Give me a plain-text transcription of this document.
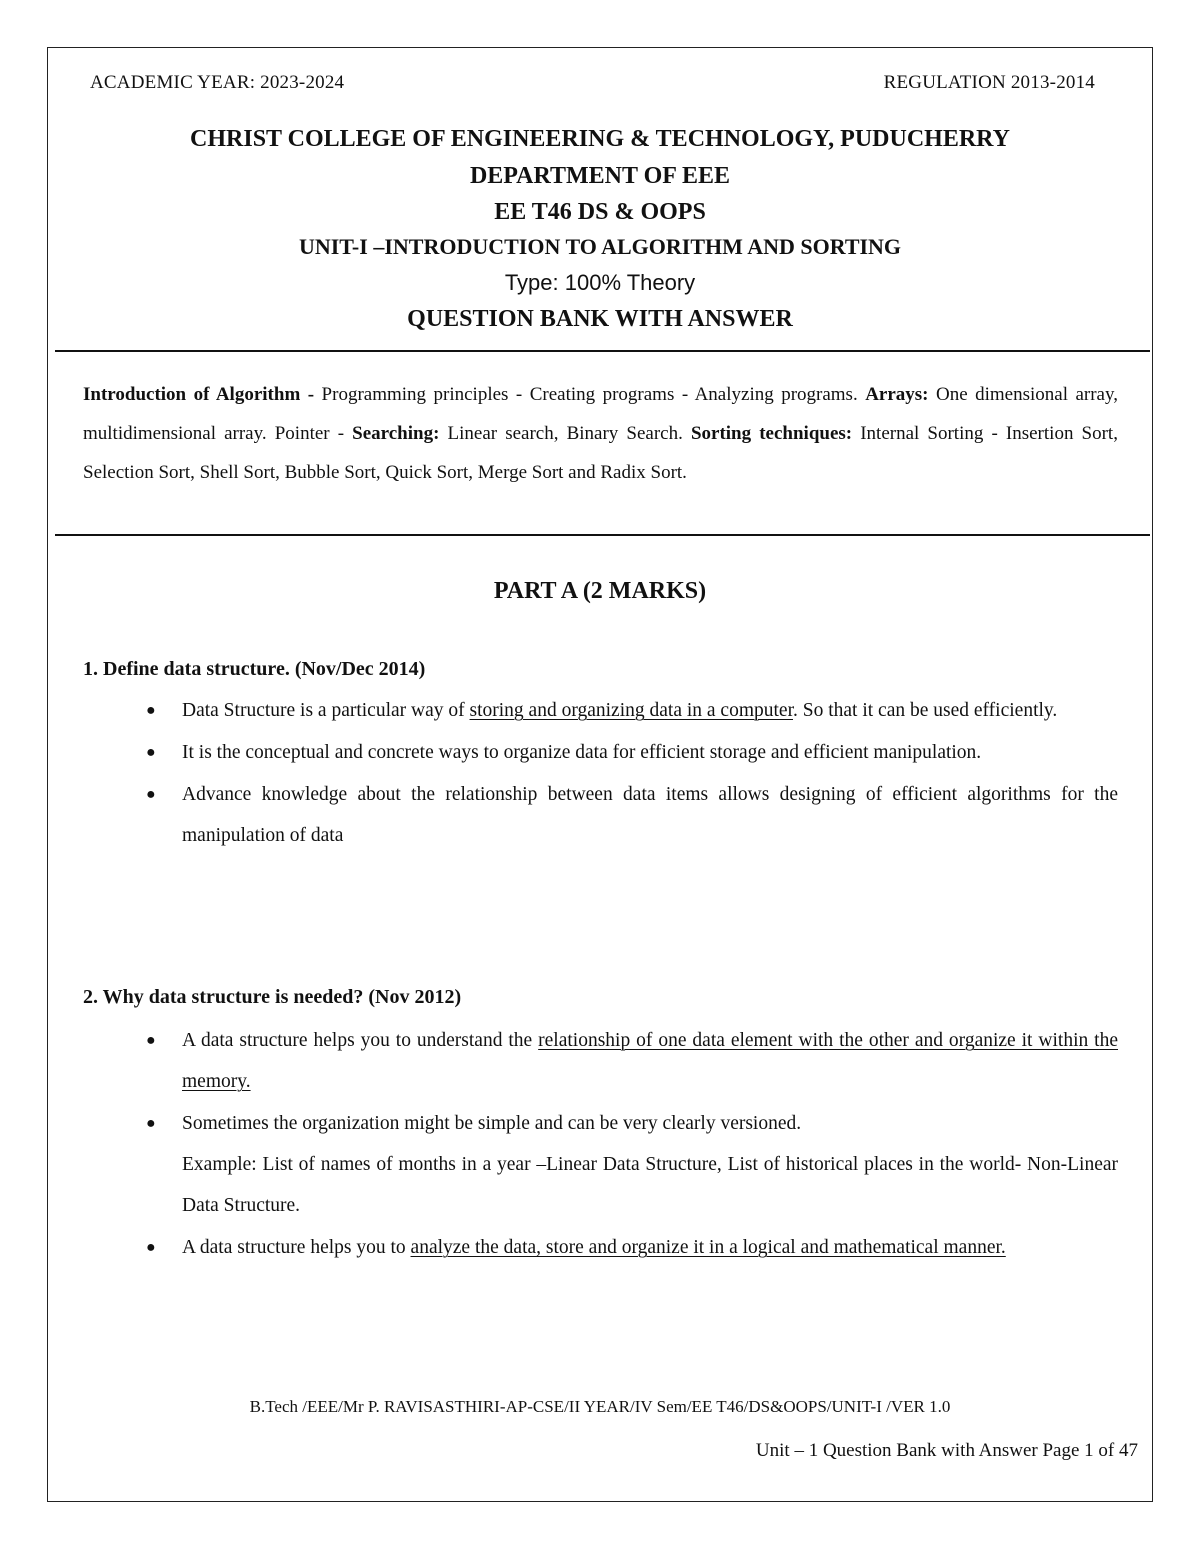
ACADEMIC YEAR: 2023-2024	REGULATION 2013-2014
CHRIST COLLEGE OF ENGINEERING & TECHNOLOGY, PUDUCHERRY
DEPARTMENT OF EEE
EE T46 DS & OOPS
UNIT-I –INTRODUCTION TO ALGORITHM AND SORTING
Type: 100% Theory
QUESTION BANK WITH ANSWER
Introduction of Algorithm - Programming principles - Creating programs - Analyzing programs. Arrays: One dimensional array, multidimensional array. Pointer - Searching: Linear search, Binary Search. Sorting techniques: Internal Sorting - Insertion Sort, Selection Sort, Shell Sort, Bubble Sort, Quick Sort, Merge Sort and Radix Sort.
PART A (2 MARKS)
1. Define data structure. (Nov/Dec 2014)
● Data Structure is a particular way of storing and organizing data in a computer. So that it can be used efficiently.
● It is the conceptual and concrete ways to organize data for efficient storage and efficient manipulation.
● Advance knowledge about the relationship between data items allows designing of efficient algorithms for the manipulation of data
2. Why data structure is needed? (Nov 2012)
● A data structure helps you to understand the relationship of one data element with the other and organize it within the memory.
● Sometimes the organization might be simple and can be very clearly versioned.
Example: List of names of months in a year –Linear Data Structure, List of historical places in the world- Non-Linear Data Structure.
● A data structure helps you to analyze the data, store and organize it in a logical and mathematical manner.
B.Tech /EEE/Mr P. RAVISASTHIRI-AP-CSE/II YEAR/IV Sem/EE T46/DS&OOPS/UNIT-I /VER 1.0
Unit – 1 Question Bank with Answer Page 1 of 47
